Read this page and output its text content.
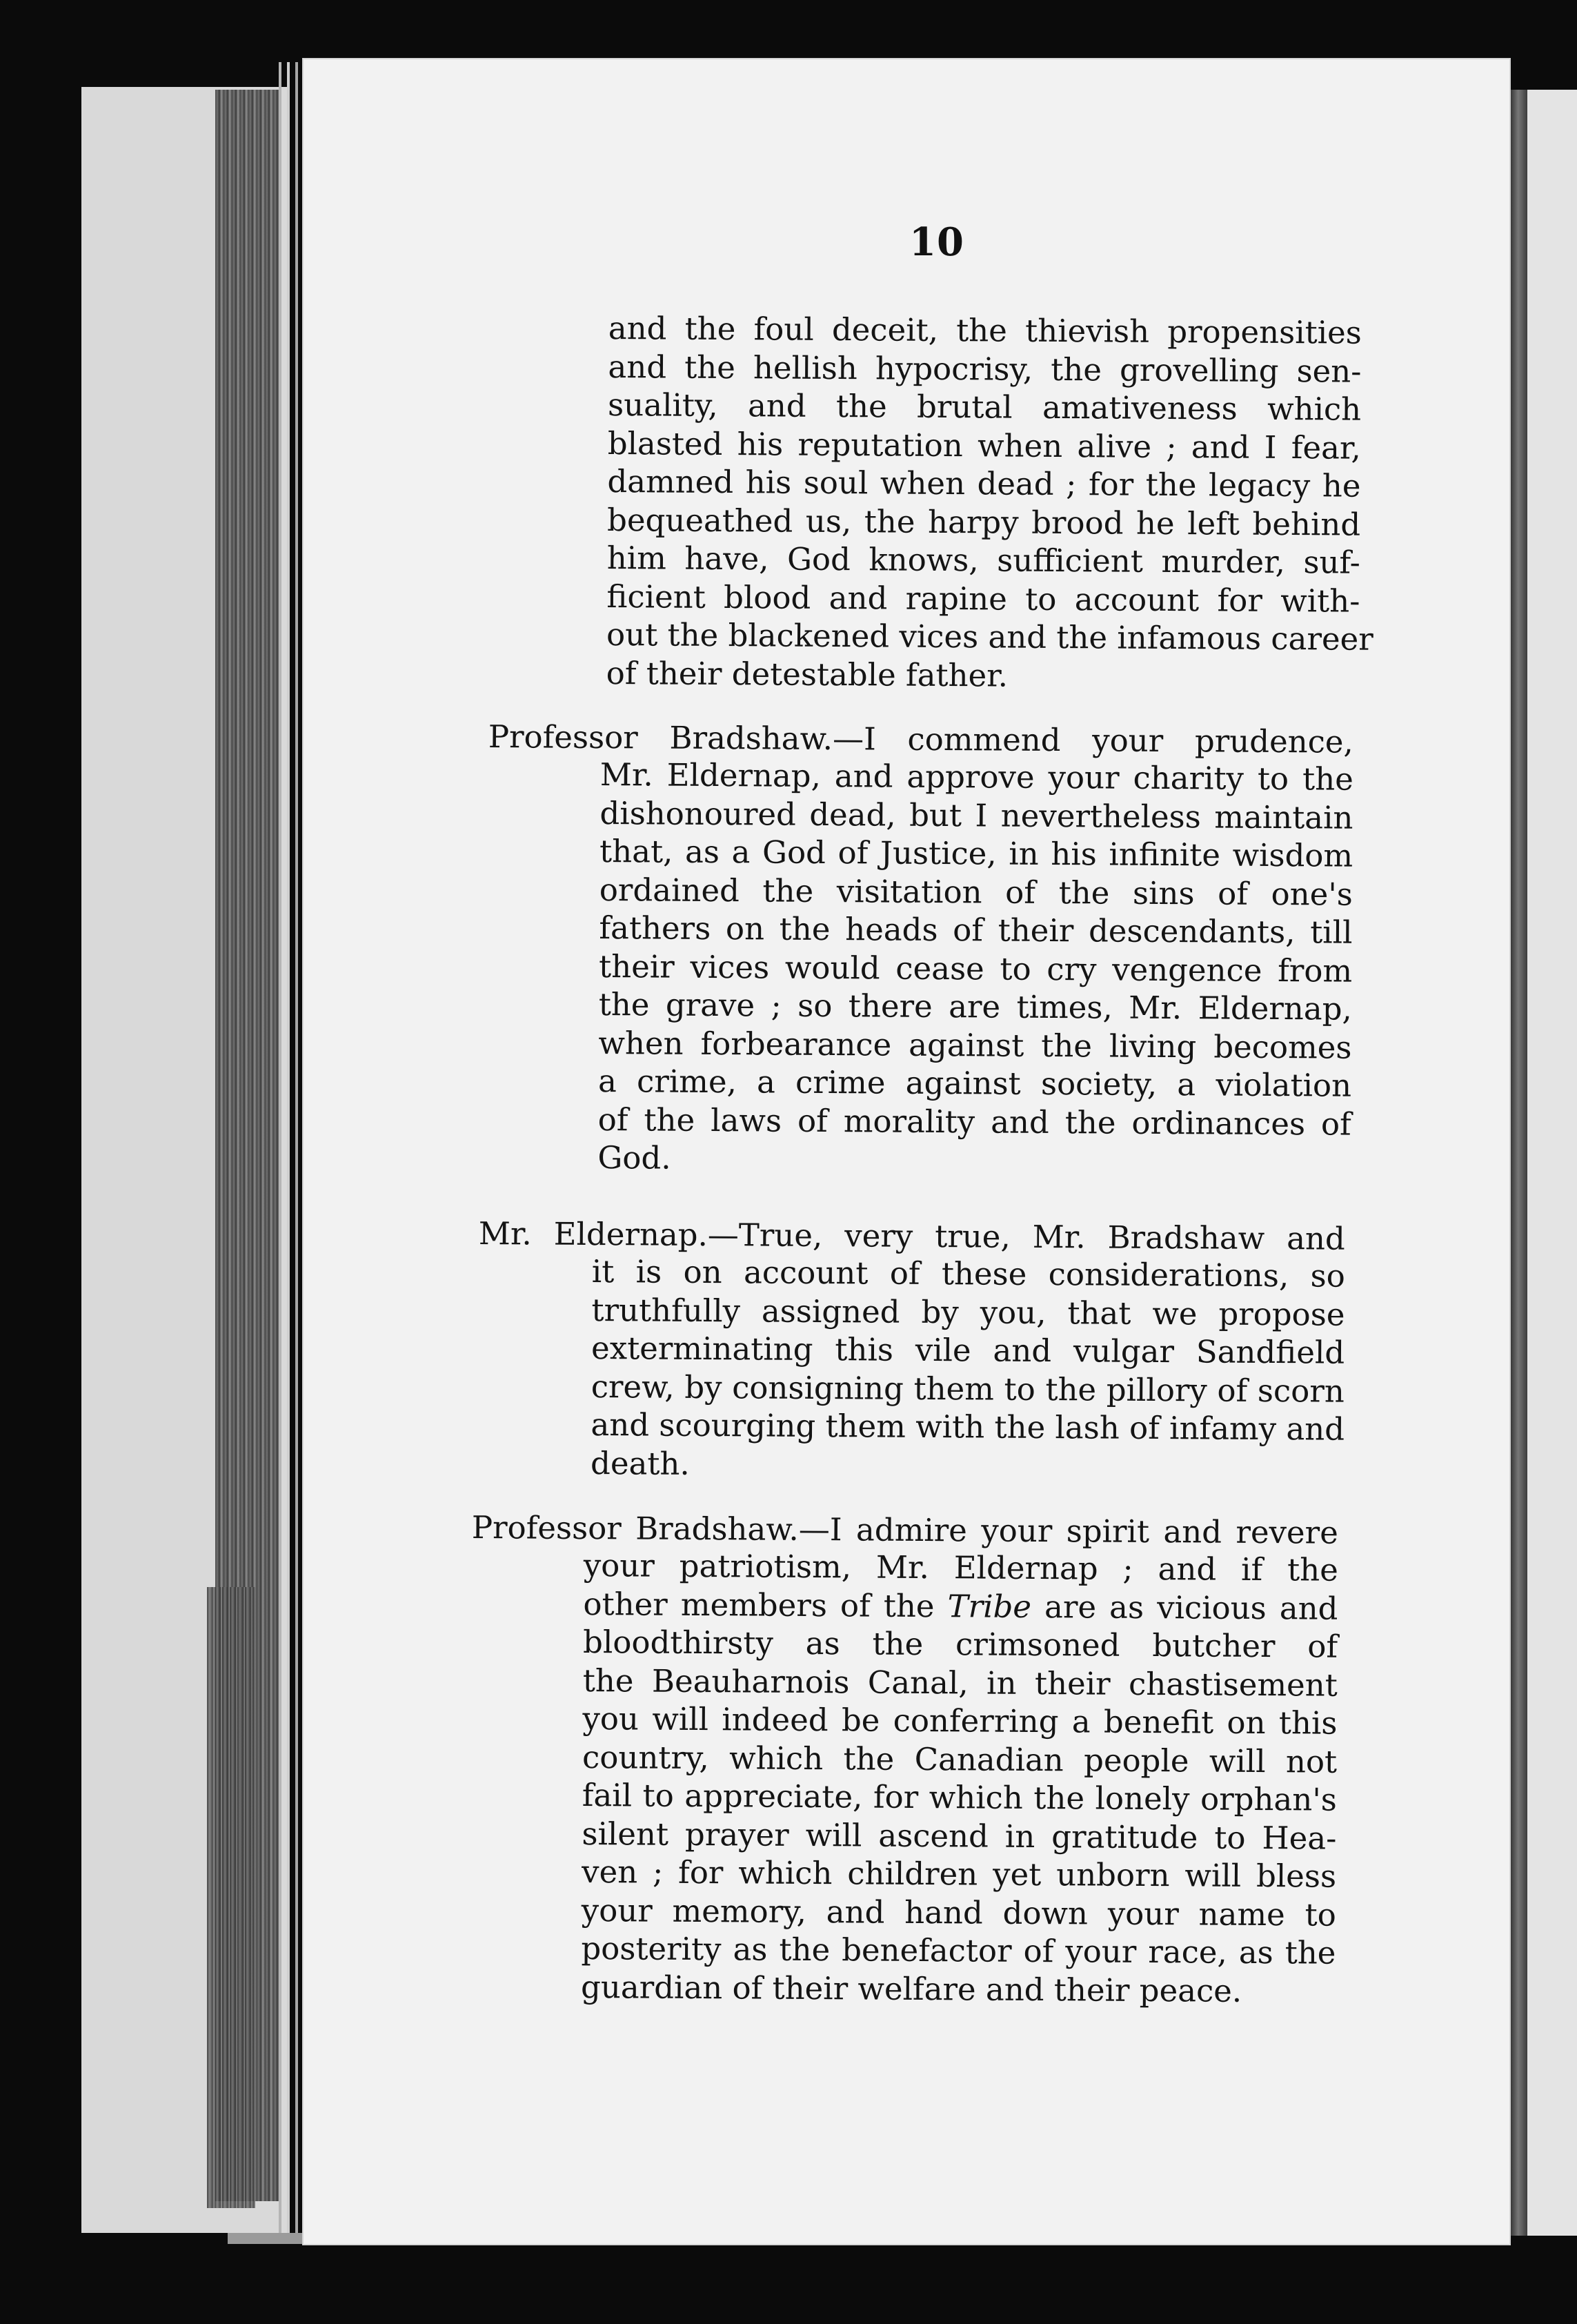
10
and the foul deceit, the thievish propensities
and the hellish hypocrisy, the grovelling sen-
suality, and the brutal amativeness which
blasted his reputation when alive ; and I fear,
damned his soul when dead ; for the legacy he
bequeathed us, the harpy brood he left behind
him have, God knows, sufficient murder, suf-
ficient blood and rapine to account for with-
out the blackened vices and the infamous career
of their detestable father.
Professor Bradshaw.—I commend your prudence,
Mr. Eldernap, and approve your charity to the
dishonoured dead, but I nevertheless maintain
that, as a God of Justice, in his infinite wisdom
ordained the visitation of the sins of one's
fathers on the heads of their descendants, till
their vices would cease to cry vengence from
the grave ; so there are times, Mr. Eldernap,
when forbearance against the living becomes
a crime, a crime against society, a violation
of the laws of morality and the ordinances of
God.
Mr. Eldernap.—True, very true, Mr. Bradshaw and
it is on account of these considerations, so
truthfully assigned by you, that we propose
exterminating this vile and vulgar Sandfield
crew, by consigning them to the pillory of scorn
and scourging them with the lash of infamy and
death.
Professor Bradshaw.—I admire your spirit and revere
your patriotism, Mr. Eldernap ; and if the
other members of the Tribe are as vicious and
bloodthirsty as the crimsoned butcher of
the Beauharnois Canal, in their chastisement
you will indeed be conferring a benefit on this
country, which the Canadian people will not
fail to appreciate, for which the lonely orphan's
silent prayer will ascend in gratitude to Hea-
ven ; for which children yet unborn will bless
your memory, and hand down your name to
posterity as the benefactor of your race, as the
guardian of their welfare and their peace.
